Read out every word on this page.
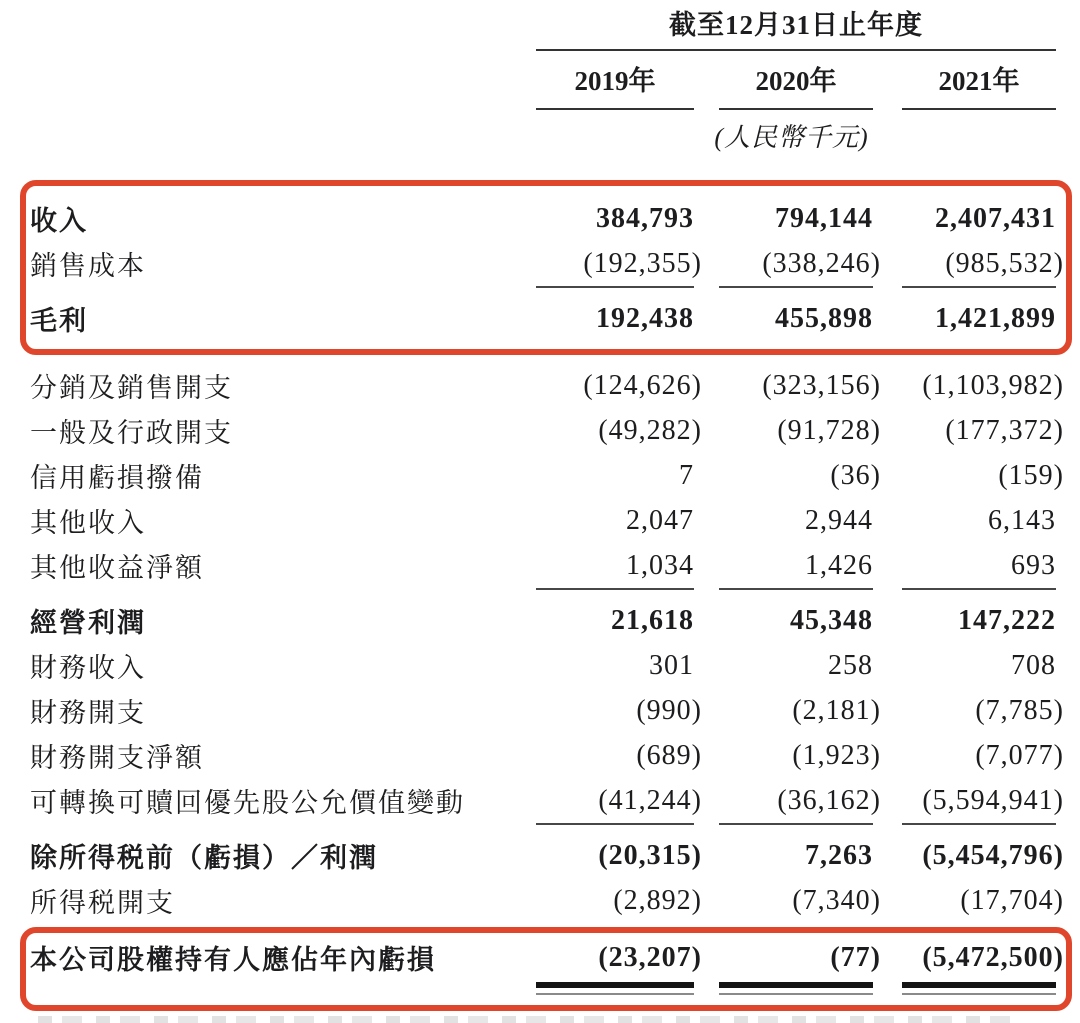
截至12月31日止年度
2019年	2020年	2021年
(人民幣千元)
收入	384,793	794,144	2,407,431
銷售成本	(192,355)	(338,246)	(985,532)
毛利	192,438	455,898	1,421,899
分銷及銷售開支	(124,626)	(323,156)	(1,103,982)
一般及行政開支	(49,282)	(91,728)	(177,372)
信用虧損撥備	7	(36)	(159)
其他收入	2,047	2,944	6,143
其他收益淨額	1,034	1,426	693
經營利潤	21,618	45,348	147,222
財務收入	301	258	708
財務開支	(990)	(2,181)	(7,785)
財務開支淨額	(689)	(1,923)	(7,077)
可轉換可贖回優先股公允價值變動	(41,244)	(36,162)	(5,594,941)
除所得税前（虧損）／利潤	(20,315)	7,263	(5,454,796)
所得税開支	(2,892)	(7,340)	(17,704)
本公司股權持有人應佔年內虧損	(23,207)	(77)	(5,472,500)
